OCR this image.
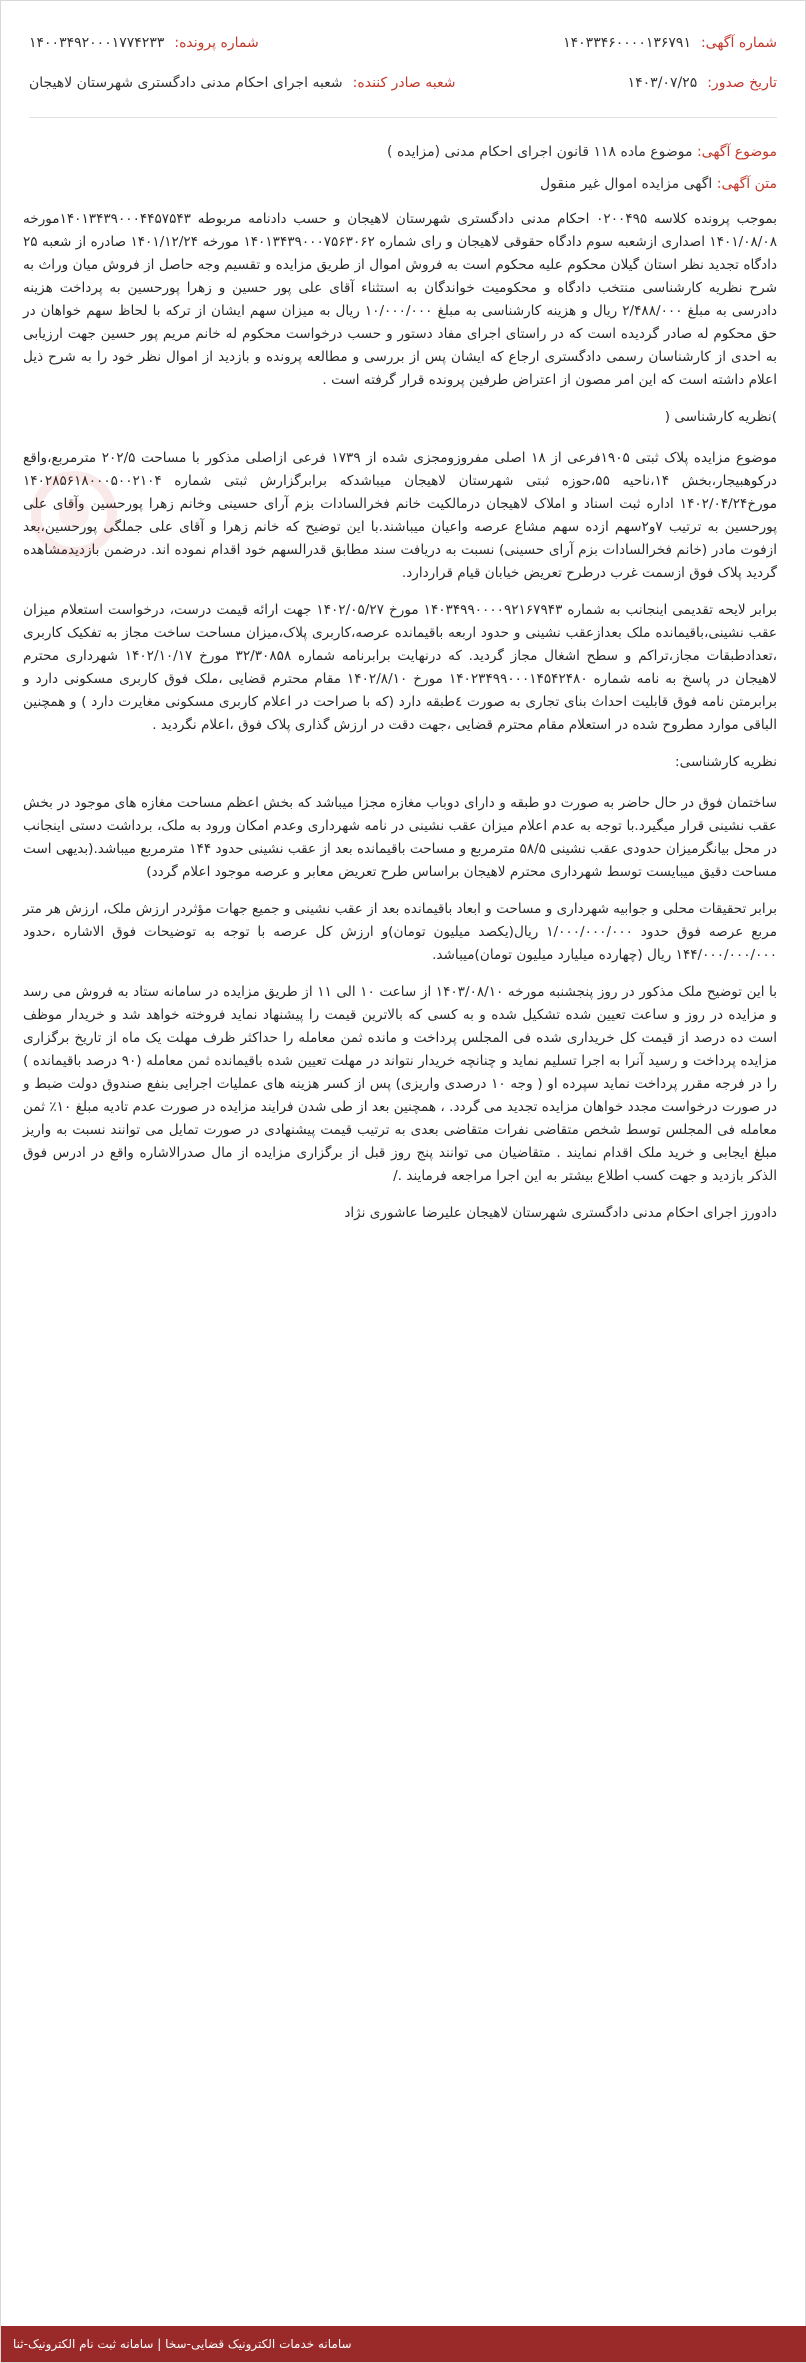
شماره آگهی:
۱۴۰۳۳۴۶۰۰۰۰۱۳۶۷۹۱
شماره پرونده:
۱۴۰۰۳۴۹۲۰۰۰۱۷۷۴۲۳۳
تاریخ صدور:
۱۴۰۳/۰۷/۲۵
شعبه صادر کننده:
شعبه اجرای احکام مدنی دادگستری شهرستان لاهیجان
موضوع آگهی: موضوع ماده ۱۱۸ قانون اجرای احکام مدنی (مزایده )
متن آگهی: اگهی مزایده اموال غیر منقول

بموجب پرونده کلاسه ۰۲۰۰۴۹۵ احکام مدنی دادگستری شهرستان لاهیجان و حسب دادنامه مربوطه ۱۴۰۱۳۴۳۹۰۰۰۴۴۵۷۵۴۳مورخه ۱۴۰۱/۰۸/۰۸ اصداری ازشعبه سوم دادگاه حقوقی لاهیجان و رای شماره ۱۴۰۱۳۴۳۹۰۰۰۷۵۶۳۰۶۲ مورخه ۱۴۰۱/۱۲/۲۴ صادره از شعبه ۲۵ دادگاه تجدید نظر استان گیلان محکوم علیه محکوم است به فروش اموال از طریق مزایده و تقسیم وجه حاصل از فروش میان وراث به شرح نظریه کارشناسی منتخب دادگاه و محکومیت خواندگان به استثناء آقای علی پور حسین و زهرا پورحسین به پرداخت هزینه دادرسی به مبلغ ۲/۴۸۸/۰۰۰ ریال و هزینه کارشناسی به مبلغ ۱۰/۰۰۰/۰۰۰ ریال به میزان سهم ایشان از ترکه با لحاظ سهم خواهان در حق محکوم له صادر گردیده است که در راستای اجرای مفاد دستور و حسب درخواست محکوم له خانم مریم پور حسین جهت ارزیابی به احدی از کارشناسان رسمی دادگستری ارجاع که ایشان پس از بررسی و مطالعه پرونده و بازدید از اموال نظر خود را به شرح ذیل اعلام داشته است که این امر مصون از اعتراض طرفین پرونده قرار گرفته است .

)نظریه کارشناسی (

موضوع مزایده پلاک ثبتی ۱۹۰۵فرعی از ۱۸ اصلی مفروزومجزی شده از ۱۷۳۹ فرعی ازاصلی مذکور با مساحت ۲۰۲/۵ مترمربع،واقع درکوهبیجار،بخش ۱۴،ناحیه ۵۵،حوزه ثبتی شهرستان لاهیجان میباشدکه برابرگزارش ثبتی شماره ۱۴۰۲۸۵۶۱۸۰۰۰۵۰۰۲۱۰۴ مورخ۱۴۰۲/۰۴/۲۴ اداره ثبت اسناد و املاک لاهیجان درمالکیت خانم فخرالسادات بزم آرای حسینی وخانم زهرا پورحسین وآقای علی پورحسین به ترتیب ۷و۲سهم ازده سهم مشاع عرصه واعیان میباشند.با این توضیح که خانم زهرا و آقای علی جملگی پورحسین،بعد ازفوت مادر (خانم فخرالسادات بزم آرای حسینی) نسبت به دریافت سند مطابق قدرالسهم خود اقدام نموده اند. درضمن بازدیدمشاهده گردید پلاک فوق ازسمت غرب درطرح تعریض خیابان قیام قراردارد.

برابر لایحه تقدیمی اینجانب به شماره ۱۴۰۳۴۹۹۰۰۰۰۹۲۱۶۷۹۴۳ مورخ ۱۴۰۲/۰۵/۲۷ جهت ارائه قیمت درست، درخواست استعلام میزان عقب نشینی،باقیمانده ملک بعدازعقب نشینی و حدود اربعه باقیمانده عرصه،کاربری پلاک،میزان مساحت ساخت مجاز به تفکیک کاربری ،تعدادطبقات مجاز،تراکم و سطح اشغال مجاز گردید. که درنهایت برابرنامه شماره ۳۲/۳۰۸۵۸ مورخ ۱۴۰۲/۱۰/۱۷ شهرداری محترم لاهیجان در پاسخ به نامه شماره ۱۴۰۲۳۴۹۹۰۰۰۱۴۵۴۲۴۸۰ مورخ ۱۴۰۲/۸/۱۰ مقام محترم قضایی ،ملک فوق کاربری مسکونی دارد و برابرمتن نامه فوق قابلیت احداث بنای تجاری به صورت ٤طبقه دارد (که با صراحت در اعلام کاربری مسکونی مغایرت دارد ) و همچنین الباقی موارد مطروح شده در استعلام مقام محترم قضایی ،جهت دقت در ارزش گذاری پلاک فوق ،اعلام نگردید .

نظریه کارشناسی:

ساختمان فوق در حال حاضر به صورت دو طبقه و دارای دوباب مغازه مجزا میباشد که بخش اعظم مساحت مغازه های موجود در بخش عقب نشینی قرار میگیرد.با توجه به عدم اعلام میزان عقب نشینی در نامه شهرداری وعدم امکان ورود به ملک، برداشت دستی اینجانب در محل بیانگرمیزان حدودی عقب نشینی ۵۸/۵ مترمربع و مساحت باقیمانده بعد از عقب نشینی حدود ۱۴۴ مترمربع میباشد.(بدیهی است مساحت دقیق میبایست توسط شهرداری محترم لاهیجان براساس طرح تعریض معابر و عرصه موجود اعلام گردد)

برابر تحقیقات محلی و جوابیه شهرداری و مساحت و ابعاد باقیمانده بعد از عقب نشینی و جمیع جهات مؤثردر ارزش ملک، ارزش هر متر مربع عرصه فوق حدود ۱/۰۰۰/۰۰۰/۰۰۰ ریال(یکصد میلیون تومان)و ارزش کل عرصه با توجه به توضیحات فوق الاشاره ،حدود ۱۴۴/۰۰۰/۰۰۰/۰۰۰ ریال (چهارده میلیارد میلیون تومان)میباشد.

با این توضیح ملک مذکور در روز پنجشنبه مورخه ۱۴۰۳/۰۸/۱۰ از ساعت ۱۰ الی ۱۱ از طریق مزایده در سامانه ستاد به فروش می رسد و مزایده در روز و ساعت تعیین شده تشکیل شده و به کسی که بالاترین قیمت را پیشنهاد نماید فروخته خواهد شد و خریدار موظف است ده درصد از قیمت کل خریداری شده فی المجلس پرداخت و مانده ثمن معامله را حداکثر ظرف مهلت یک ماه از تاریخ برگزاری مزایده پرداخت و رسید آنرا به اجرا تسلیم نماید و چنانچه خریدار نتواند در مهلت تعیین شده باقیمانده ثمن معامله (۹۰ درصد باقیمانده ) را در فرجه مقرر پرداخت نماید سپرده او ( وجه ۱۰ درصدی واریزی) پس از کسر هزینه های عملیات اجرایی بنفع صندوق دولت ضبط و در صورت درخواست مجدد خواهان مزایده تجدید می گردد. ، همچنین بعد از طی شدن فرایند مزایده در صورت عدم تادیه مبلغ ۱۰٪ ثمن معامله فی المجلس توسط شخص متقاضی نفرات متقاضی بعدی به ترتیب قیمت پیشنهادی در صورت تمایل می توانند نسبت به واریز مبلغ ایجابی و خرید ملک اقدام نمایند . متقاضیان می توانند پنج روز قبل از برگزاری مزایده از مال صدرالاشاره واقع در ادرس فوق الذکر بازدید و جهت کسب اطلاع بیشتر به این اجرا مراجعه فرمایند ./

دادورز اجرای احکام مدنی دادگستری شهرستان لاهیجان علیرضا عاشوری نژاد

سامانه خدمات الکترونیک قضایی-سخا | سامانه ثبت نام الکترونیک-ثنا
